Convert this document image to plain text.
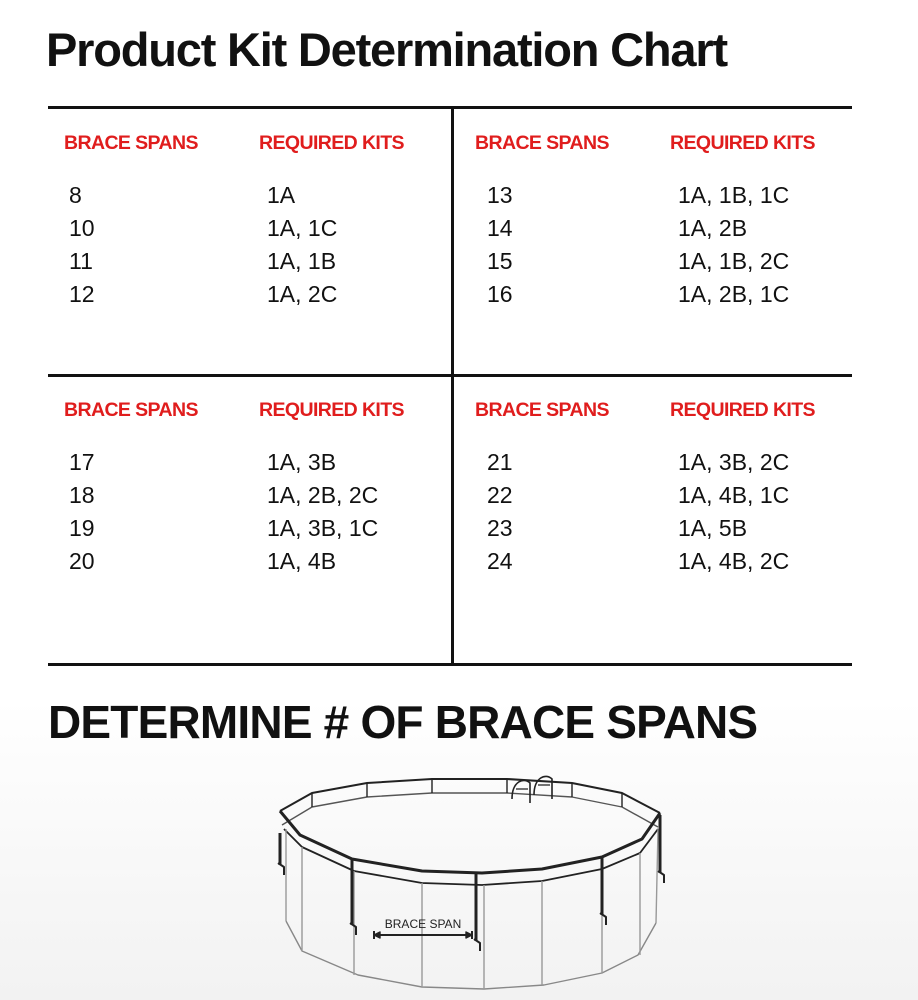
Product Kit Determination Chart
BRACE SPANS	REQUIRED KITS
8	1A
10	1A, 1C
11	1A, 1B
12	1A, 2C
BRACE SPANS	REQUIRED KITS
13	1A, 1B, 1C
14	1A, 2B
15	1A, 1B, 2C
16	1A, 2B, 1C
BRACE SPANS	REQUIRED KITS
17	1A, 3B
18	1A, 2B, 2C
19	1A, 3B, 1C
20	1A, 4B
BRACE SPANS	REQUIRED KITS
21	1A, 3B, 2C
22	1A, 4B, 1C
23	1A, 5B
24	1A, 4B, 2C
DETERMINE # OF BRACE SPANS
BRACE SPAN
